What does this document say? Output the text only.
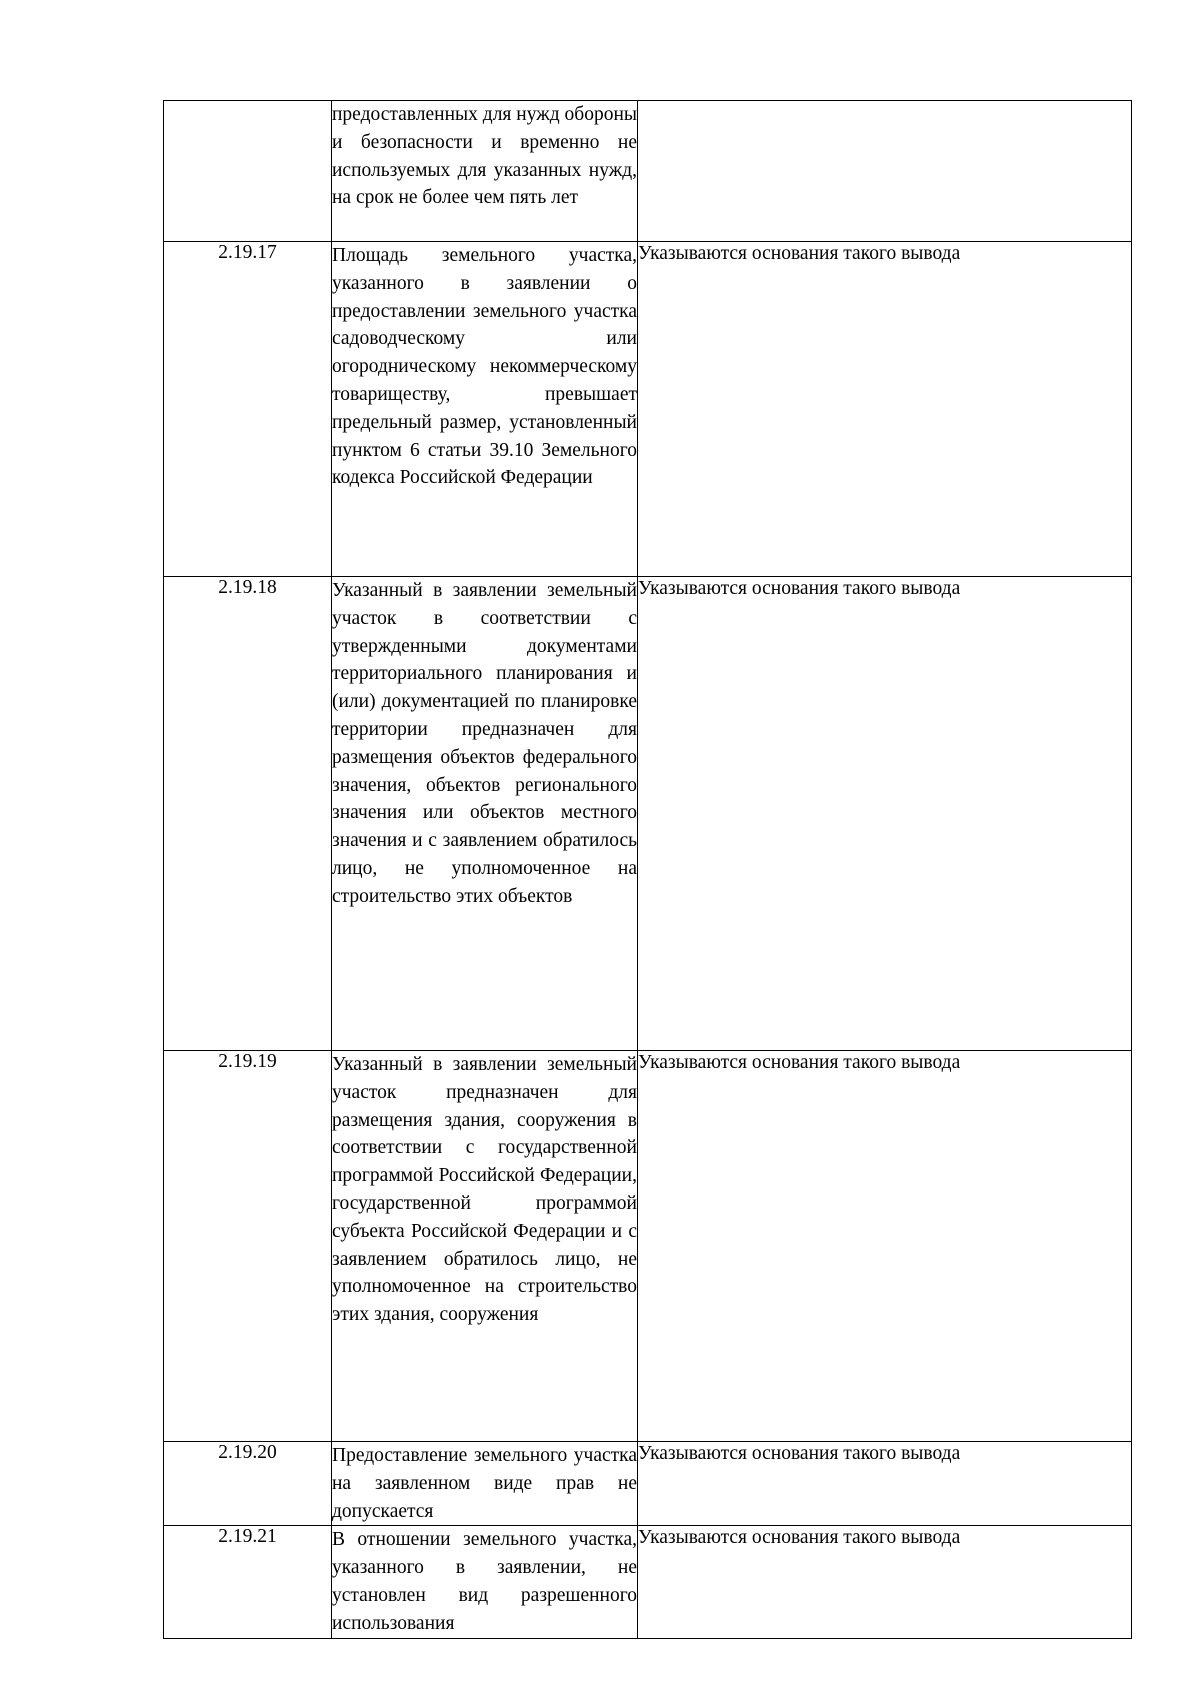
	предоставленных для нужд обороны и безопасности и временно не используемых для указанных нужд, на срок не более чем пять лет	

2.19.17	Площадь земельного участка, указанного в заявлении о предоставлении земельного участка садоводческому или огородническому некоммерческому товариществу, превышает предельный размер, установленный пунктом 6 статьи 39.10 Земельного кодекса Российской Федерации	Указываются основания такого вывода
2.19.18	Указанный в заявлении земельный участок в соответствии с утвержденными документами территориального планирования и (или) документацией по планировке территории предназначен для размещения объектов федерального значения, объектов регионального значения или объектов местного значения и с заявлением обратилось лицо, не уполномоченное на строительство этих объектов	Указываются основания такого вывода
2.19.19	Указанный в заявлении земельный участок предназначен для размещения здания, сооружения в соответствии с государственной программой Российской Федерации, государственной программой субъекта Российской Федерации и с заявлением обратилось лицо, не уполномоченное на строительство этих здания, сооружения	Указываются основания такого вывода
2.19.20	Предоставление земельного участка на заявленном виде прав не допускается	Указываются основания такого вывода
2.19.21	В отношении земельного участка, указанного в заявлении, не установлен вид разрешенного использования	Указываются основания такого вывода
